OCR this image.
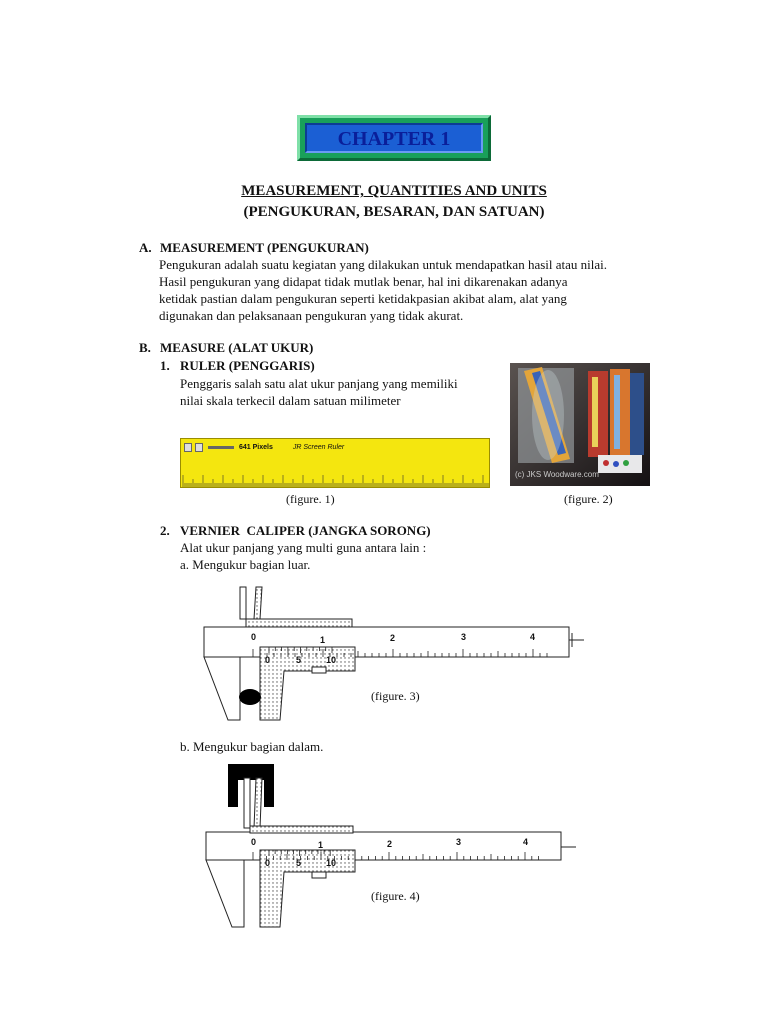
CHAPTER 1
MEASUREMENT, QUANTITIES AND UNITS
(PENGUKURAN, BESARAN, DAN SATUAN)
A. MEASUREMENT (PENGUKURAN)
Pengukuran adalah suatu kegiatan yang dilakukan untuk mendapatkan hasil atau nilai.
Hasil pengukuran yang didapat tidak mutlak benar, hal ini dikarenakan adanya
ketidak pastian dalam pengukuran seperti ketidakpasian akibat alam, alat yang
digunakan dan pelaksanaan pengukuran yang tidak akurat.
B. MEASURE (ALAT UKUR)
1. RULER (PENGGARIS)
Penggaris salah satu alat ukur panjang yang memiliki
nilai skala terkecil dalam satuan milimeter
641 Pixels	JR Screen Ruler
(c) JKS Woodware.com
(figure. 1)	(figure. 2)
2. VERNIER  CALIPER (JANGKA SORONG)
Alat ukur panjang yang multi guna antara lain :
a. Mengukur bagian luar.
0	1	2	3	4
0	5	10
(figure. 3)
b. Mengukur bagian dalam.
0	1	2	3	4
0	5	10
(figure. 4)
